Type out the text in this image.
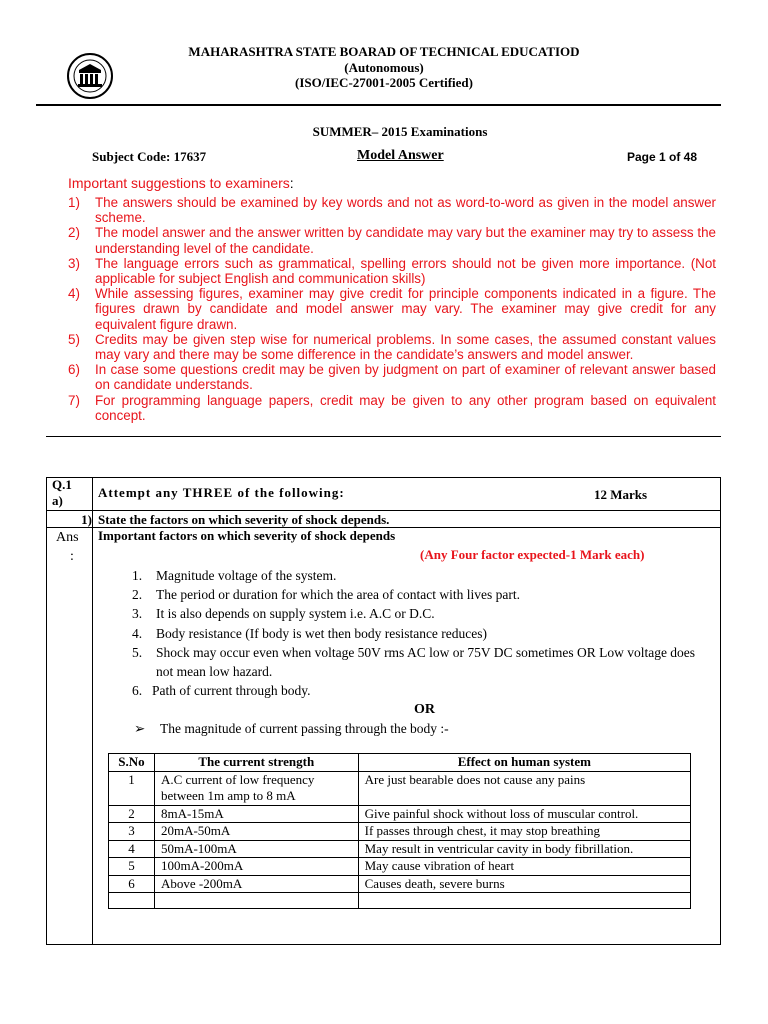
MAHARASHTRA STATE BOARAD OF TECHNICAL EDUCATIOD
(Autonomous)
(ISO/IEC-27001-2005 Certified)
SUMMER– 2015 Examinations
Subject Code: 17637	Model Answer	Page 1 of 48
Important suggestions to examiners:
1) The answers should be examined by key words and not as word-to-word as given in the model answer scheme.
2) The model answer and the answer written by candidate may vary but the examiner may try to assess the understanding level of the candidate.
3) The language errors such as grammatical, spelling errors should not be given more importance. (Not applicable for subject English and communication skills)
4) While assessing figures, examiner may give credit for principle components indicated in a figure. The figures drawn by candidate and model answer may vary. The examiner may give credit for any equivalent figure drawn.
5) Credits may be given step wise for numerical problems. In some cases, the assumed constant values may vary and there may be some difference in the candidate’s answers and model answer.
6) In case some questions credit may be given by judgment on part of examiner of relevant answer based on candidate understands.
7) For programming language papers, credit may be given to any other program based on equivalent concept.
Q.1
a)
Attempt any THREE of the following:	12 Marks
1) State the factors on which severity of shock depends.
Ans
:
Important factors on which severity of shock depends
(Any Four factor expected-1 Mark each)
1. Magnitude voltage of the system.
2. The period or duration for which the area of contact with lives part.
3. It is also depends on supply system i.e. A.C or D.C.
4. Body resistance (If body is wet then body resistance reduces)
5. Shock may occur even when voltage 50V rms AC low or 75V DC sometimes OR Low voltage does not mean low hazard.
6. Path of current through body.
OR
➢ The magnitude of current passing through the body :-
S.No	The current strength	Effect on human system
1	A.C current of low frequency between 1m amp to 8 mA	Are just bearable does not cause any pains
2	8mA-15mA	Give painful shock without loss of muscular control.
3	20mA-50mA	If passes through chest, it may stop breathing
4	50mA-100mA	May result in ventricular cavity in body fibrillation.
5	100mA-200mA	May cause vibration of heart
6	Above -200mA	Causes death, severe burns
